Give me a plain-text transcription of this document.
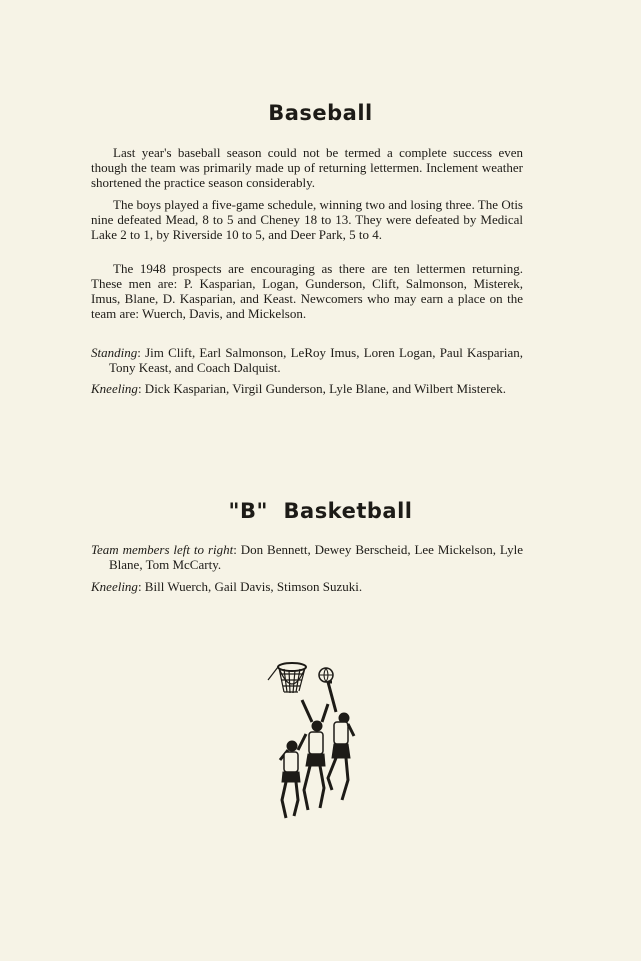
Baseball

Last year's baseball season could not be termed a complete success even though the team was primarily made up of returning lettermen. Inclement weather shortened the practice season considerably.

The boys played a five-game schedule, winning two and losing three. The Otis nine defeated Mead, 8 to 5 and Cheney 18 to 13. They were defeated by Medical Lake 2 to 1, by Riverside 10 to 5, and Deer Park, 5 to 4.

The 1948 prospects are encouraging as there are ten lettermen returning. These men are: P. Kasparian, Logan, Gunderson, Clift, Salmonson, Misterek, Imus, Blane, D. Kasparian, and Keast. Newcomers who may earn a place on the team are: Wuerch, Davis, and Mickelson.

Standing: Jim Clift, Earl Salmonson, LeRoy Imus, Loren Logan, Paul Kasparian, Tony Keast, and Coach Dalquist.

Kneeling: Dick Kasparian, Virgil Gunderson, Lyle Blane, and Wilbert Misterek.

"B"  Basketball

Team members left to right: Don Bennett, Dewey Berscheid, Lee Mickelson, Lyle Blane, Tom McCarty.

Kneeling: Bill Wuerch, Gail Davis, Stimson Suzuki.
